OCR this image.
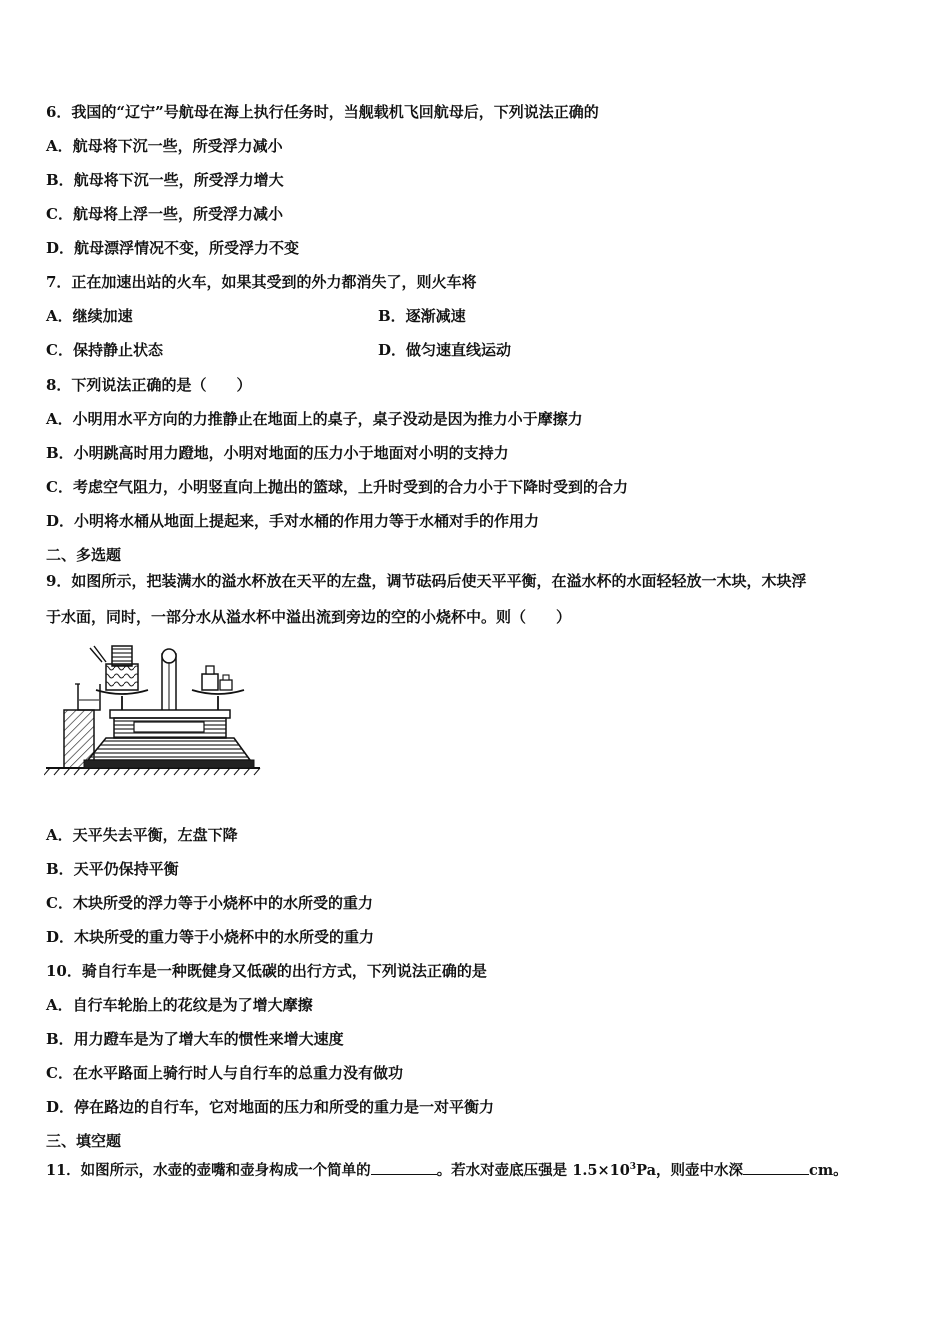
6．我国的“辽宁”号航母在海上执行任务时，当舰载机飞回航母后，下列说法正确的
A．航母将下沉一些，所受浮力减小
B．航母将下沉一些，所受浮力增大
C．航母将上浮一些，所受浮力减小
D．航母漂浮情况不变，所受浮力不变
7．正在加速出站的火车，如果其受到的外力都消失了，则火车将
A．继续加速	B．逐渐减速
C．保持静止状态	D．做匀速直线运动
8．下列说法正确的是（　　）
A．小明用水平方向的力推静止在地面上的桌子，桌子没动是因为推力小于摩擦力
B．小明跳高时用力蹬地，小明对地面的压力小于地面对小明的支持力
C．考虑空气阻力，小明竖直向上抛出的篮球，上升时受到的合力小于下降时受到的合力
D．小明将水桶从地面上提起来，手对水桶的作用力等于水桶对手的作用力
二、多选题
9．如图所示，把装满水的溢水杯放在天平的左盘，调节砝码后使天平平衡，在溢水杯的水面轻轻放一木块，木块浮
于水面，同时，一部分水从溢水杯中溢出流到旁边的空的小烧杯中。则（　　）
A．天平失去平衡，左盘下降
B．天平仍保持平衡
C．木块所受的浮力等于小烧杯中的水所受的重力
D．木块所受的重力等于小烧杯中的水所受的重力
10．骑自行车是一种既健身又低碳的出行方式，下列说法正确的是
A．自行车轮胎上的花纹是为了增大摩擦
B．用力蹬车是为了增大车的惯性来增大速度
C．在水平路面上骑行时人与自行车的总重力没有做功
D．停在路边的自行车，它对地面的压力和所受的重力是一对平衡力
三、填空题
11．如图所示，水壶的壶嘴和壶身构成一个简单的	。若水对壶底压强是 $1.5\times 10^3Pa$，则壶中水深	cm。
